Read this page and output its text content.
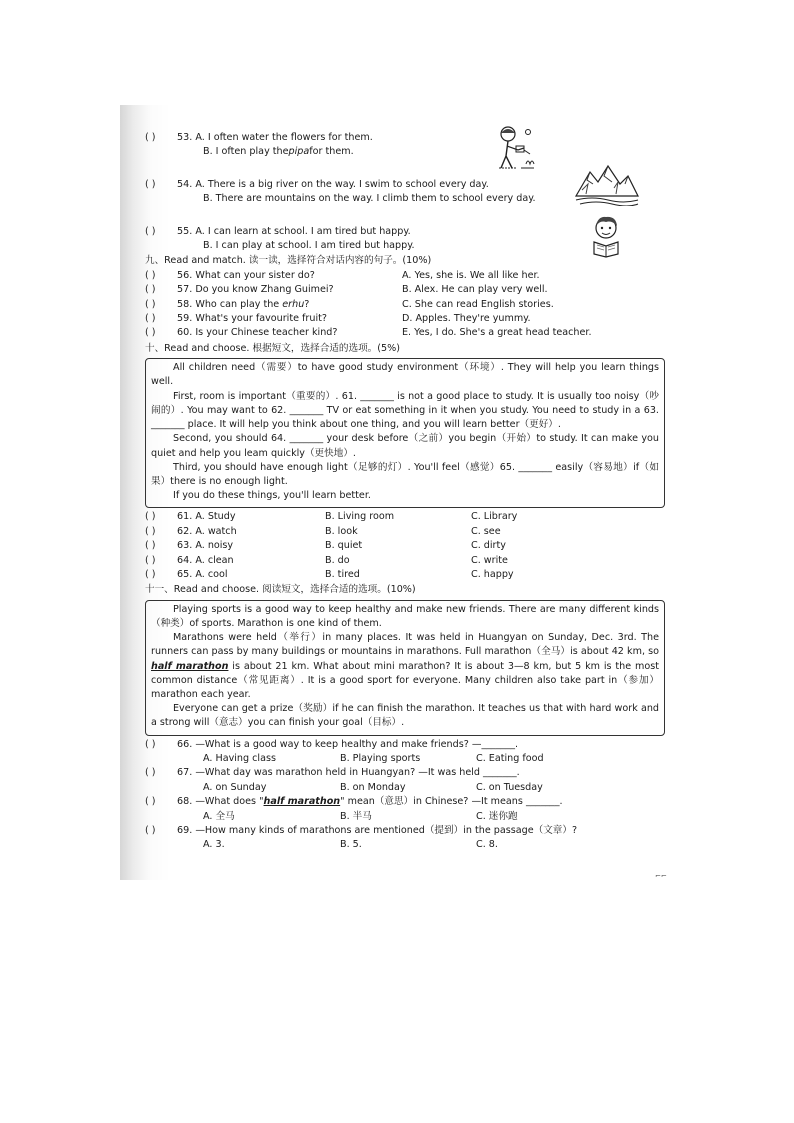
( )	53.
A. I often water the flowers for them.
B. I often play the pipa for them.
( )	54.
A. There is a big river on the way. I swim to school every day.
B. There are mountains on the way. I climb them to school every day.
( )	55.
A. I can learn at school. I am tired but happy.
B. I can play at school. I am tired but happy.
九、Read and match. 读一读，选择符合对话内容的句子。(10%)
( )	56. What can your sister do?	A. Yes, she is. We all like her.
( )	57. Do you know Zhang Guimei?	B. Alex. He can play very well.
( )	58. Who can play the erhu?	C. She can read English stories.
( )	59. What's your favourite fruit?	D. Apples. They're yummy.
( )	60. Is your Chinese teacher kind?	E. Yes, I do. She's a great head teacher.
十、Read and choose. 根据短文，选择合适的选项。(5%)

All children need（需要）to have good study environment（环境）. They will help you learn things well.

First, room is important（重要的）. 61. _______ is not a good place to study. It is usually too noisy（吵闹的）. You may want to 62. _______ TV or eat something in it when you study. You need to study in a 63. _______ place. It will help you think about one thing, and you will learn better（更好）.

Second, you should 64. _______ your desk before（之前）you begin（开始）to study. It can make you quiet and help you leam quickly（更快地）.

Third, you should have enough light（足够的灯）. You'll feel（感觉）65. _______ easily（容易地）if（如果）there is no enough light.

If you do these things, you'll learn better.

( )	61. A. Study	B. Living room	C. Library
( )	62. A. watch	B. look	C. see
( )	63. A. noisy	B. quiet	C. dirty
( )	64. A. clean	B. do	C. write
( )	65. A. cool	B. tired	C. happy
十一、Read and choose. 阅读短文，选择合适的选项。(10%)

Playing sports is a good way to keep healthy and make new friends. There are many different kinds（种类）of sports. Marathon is one kind of them.

Marathons were held（举行）in many places. It was held in Huangyan on Sunday, Dec. 3rd. The runners can pass by many buildings or mountains in marathons. Full marathon（全马）is about 42 km, so half marathon is about 21 km. What about mini marathon? It is about 3—8 km, but 5 km is the most common distance（常见距离）. It is a good sport for everyone. Many children also take part in（参加）marathon each year.

Everyone can get a prize（奖励）if he can finish the marathon. It teaches us that with hard work and a strong will（意志）you can finish your goal（目标）.

( )	66.
—What is a good way to keep healthy and make friends? —_______.
A. Having class	B. Playing sports	C. Eating food
( )	67.
—What day was marathon held in Huangyan? —It was held _______.
A. on Sunday	B. on Monday	C. on Tuesday
( )	68.
—What does " half marathon " mean（意思）in Chinese? —It means _______.
A. 全马	B. 半马	C. 迷你跑
( )	69.
—How many kinds of marathons are mentioned（提到）in the passage（文章）?
A. 3.	B. 5.	C. 8.
⌐⌐
